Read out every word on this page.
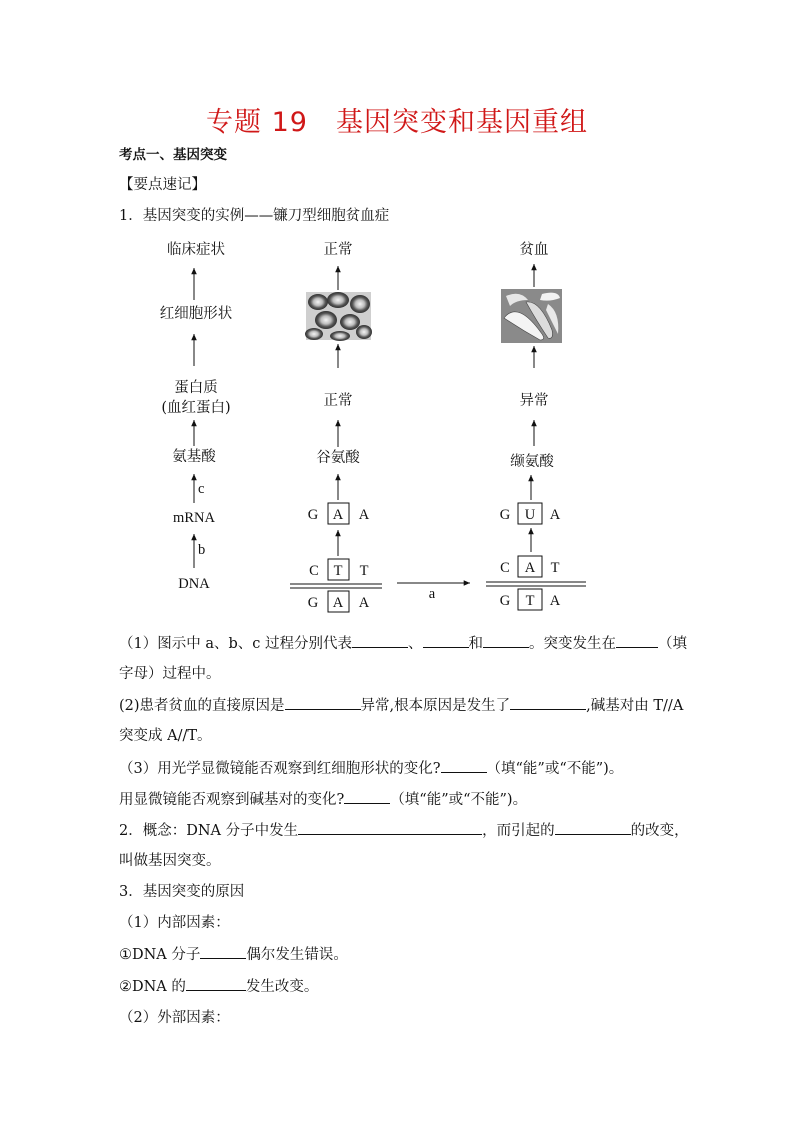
专题 19　基因突变和基因重组
考点一、基因突变
【要点速记】
1．基因突变的实例——镰刀型细胞贫血症
临床症状
红细胞形状
蛋白质
(血红蛋白)
氨基酸
c
mRNA
b
DNA
正常
正常
谷氨酸
G A A
C T T
G A A
a
贫血
异常
缬氨酸
G U A
C A T
G T A
（1）图示中 a、b、c 过程分别代表	、	和	。突变发生在	（填
字母）过程中。
(2)患者贫血的直接原因是	异常,根本原因是发生了	,碱基对由 T//A
突变成 A//T。
（3）用光学显微镜能否观察到红细胞形状的变化?	（填“能”或“不能”)。
用显微镜能否观察到碱基对的变化?	（填“能”或“不能”)。
2．概念：DNA 分子中发生	，而引起的	的改变，
叫做基因突变。
3．基因突变的原因
（1）内部因素：
①DNA 分子	偶尔发生错误。
②DNA 的	发生改变。
（2）外部因素：
